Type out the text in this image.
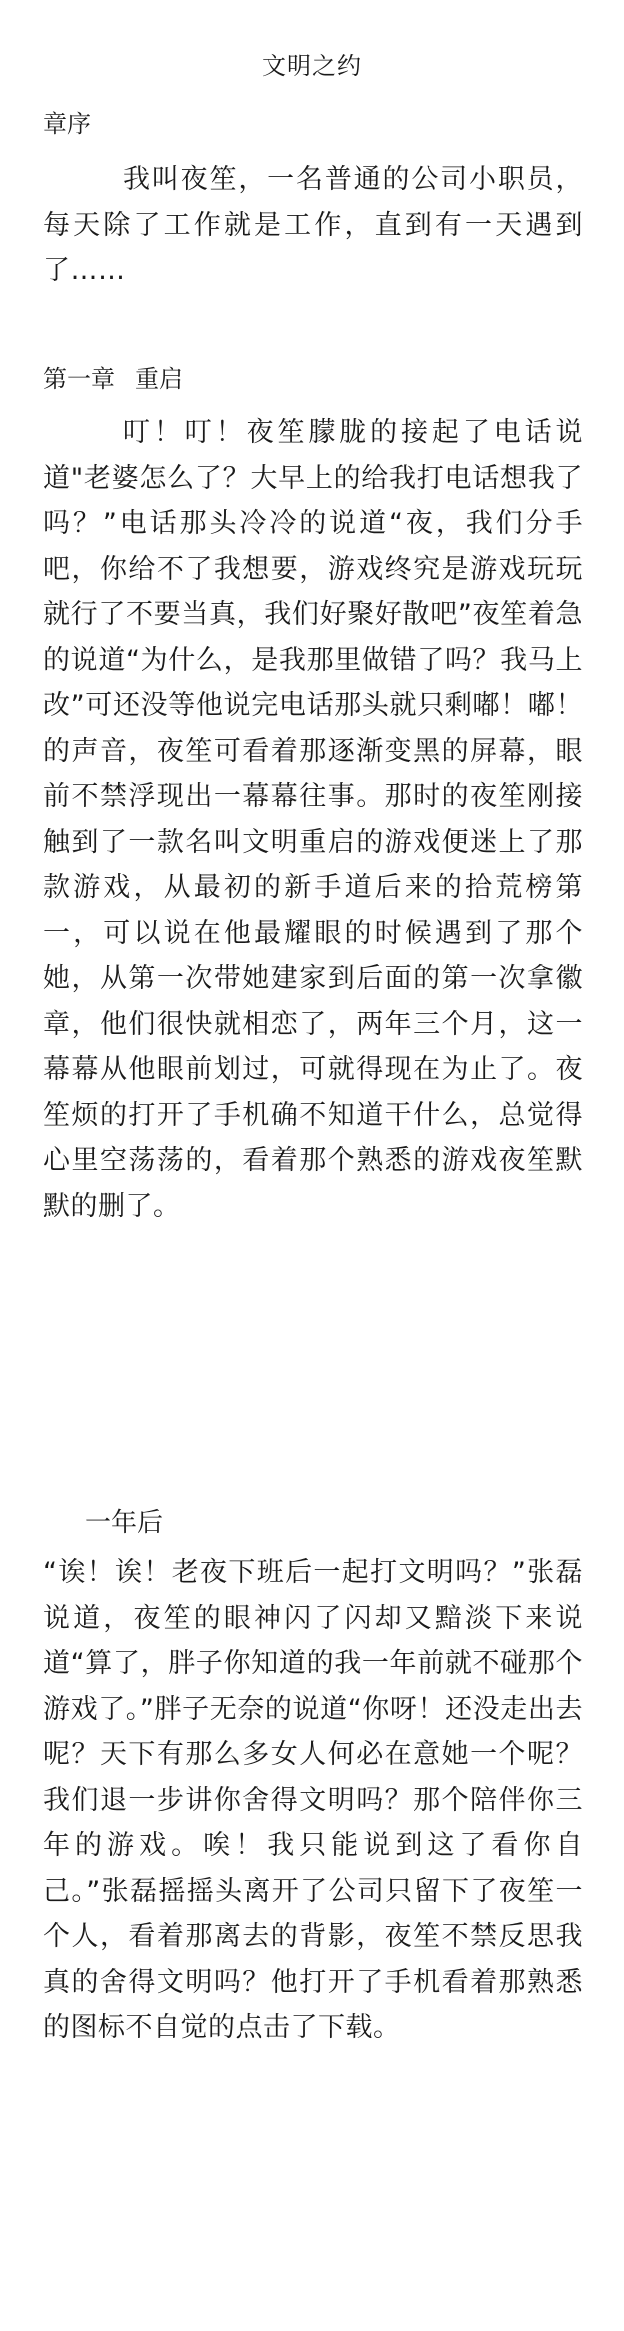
文明之约
章序
我叫夜笙，一名普通的公司小职员，每天除了工作就是工作，直到有一天遇到了……
第一章 重启
叮！叮！夜笙朦胧的接起了电话说道"老婆怎么了？大早上的给我打电话想我了吗？”电话那头冷冷的说道“夜，我们分手吧，你给不了我想要，游戏终究是游戏玩玩就行了不要当真，我们好聚好散吧”夜笙着急的说道“为什么，是我那里做错了吗？我马上改”可还没等他说完电话那头就只剩嘟！嘟！的声音，夜笙可看着那逐渐变黑的屏幕，眼前不禁浮现出一幕幕往事。那时的夜笙刚接触到了一款名叫文明重启的游戏便迷上了那款游戏，从最初的新手道后来的拾荒榜第一，可以说在他最耀眼的时候遇到了那个她，从第一次带她建家到后面的第一次拿徽章，他们很快就相恋了，两年三个月，这一幕幕从他眼前划过，可就得现在为止了。夜笙烦的打开了手机确不知道干什么，总觉得心里空荡荡的，看着那个熟悉的游戏夜笙默默的删了。
一年后
“诶！诶！老夜下班后一起打文明吗？”张磊说道，夜笙的眼神闪了闪却又黯淡下来说道“算了，胖子你知道的我一年前就不碰那个游戏了。”胖子无奈的说道“你呀！还没走出去呢？天下有那么多女人何必在意她一个呢？我们退一步讲你舍得文明吗？那个陪伴你三年的游戏。唉！我只能说到这了看你自己。”张磊摇摇头离开了公司只留下了夜笙一个人，看着那离去的背影，夜笙不禁反思我真的舍得文明吗？他打开了手机看着那熟悉的图标不自觉的点击了下载。
